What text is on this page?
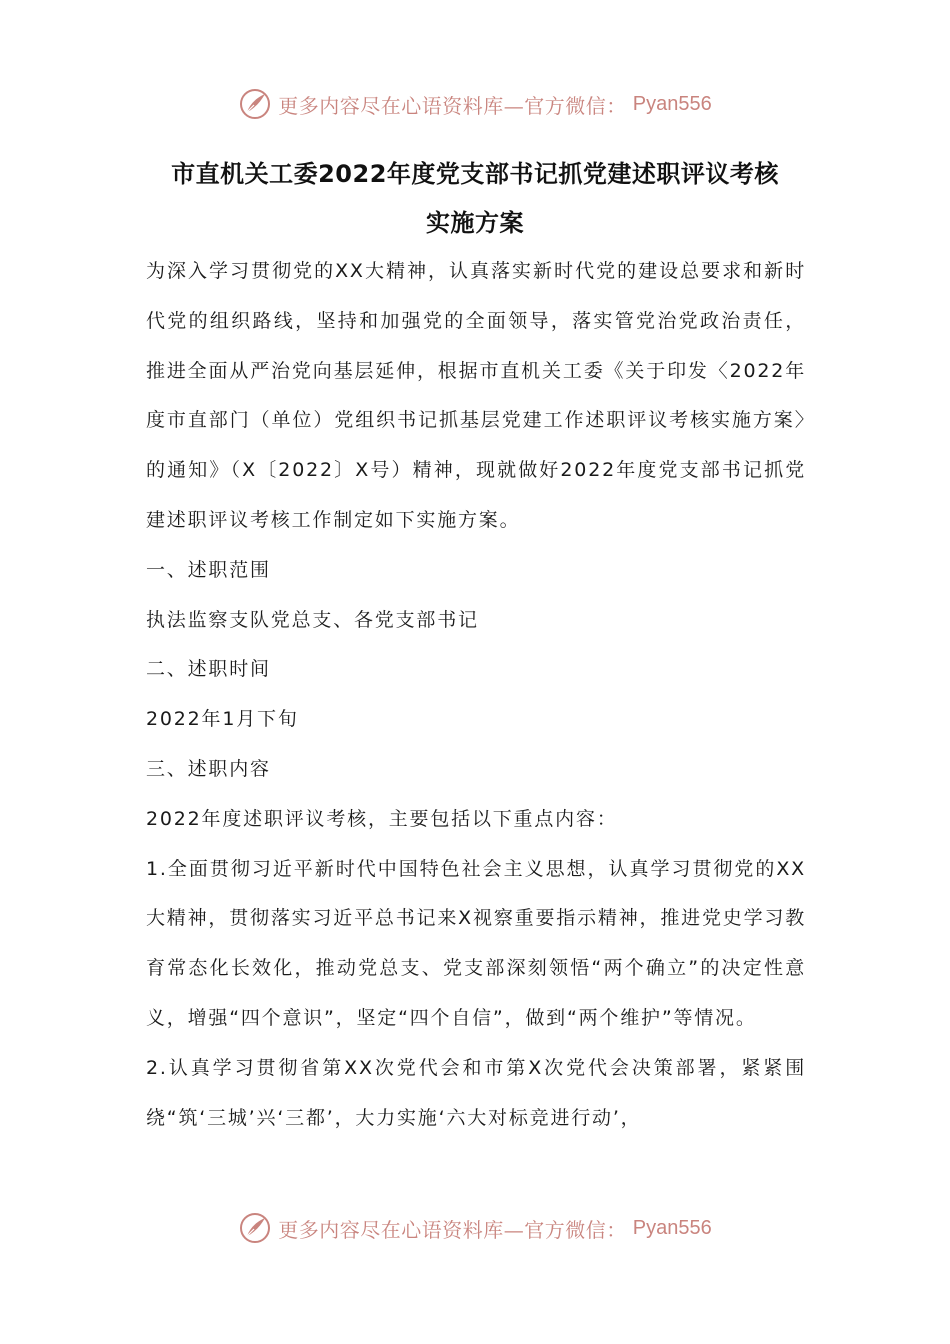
更多内容尽在心语资料库—官方微信： Pyan556
市直机关工委2022年度党支部书记抓党建述职评议考核
实施方案

为深入学习贯彻党的XX大精神，认真落实新时代党的建设总要求和新时代党的组织路线，坚持和加强党的全面领导，落实管党治党政治责任，推进全面从严治党向基层延伸，根据市直机关工委《关于印发〈2022年度市直部门（单位）党组织书记抓基层党建工作述职评议考核实施方案〉的通知》（X〔2022〕X号）精神，现就做好2022年度党支部书记抓党建述职评议考核工作制定如下实施方案。

一、述职范围

执法监察支队党总支、各党支部书记

二、述职时间

2022年1月下旬

三、述职内容

2022年度述职评议考核，主要包括以下重点内容：

1.全面贯彻习近平新时代中国特色社会主义思想，认真学习贯彻党的XX大精神，贯彻落实习近平总书记来X视察重要指示精神，推进党史学习教育常态化长效化，推动党总支、党支部深刻领悟“两个确立”的决定性意义，增强“四个意识”，坚定“四个自信”，做到“两个维护”等情况。

2.认真学习贯彻省第XX次党代会和市第X次党代会决策部署，紧紧围绕“筑‘三城’兴‘三都’，大力实施‘六大对标竞进行动’，

更多内容尽在心语资料库—官方微信： Pyan556
